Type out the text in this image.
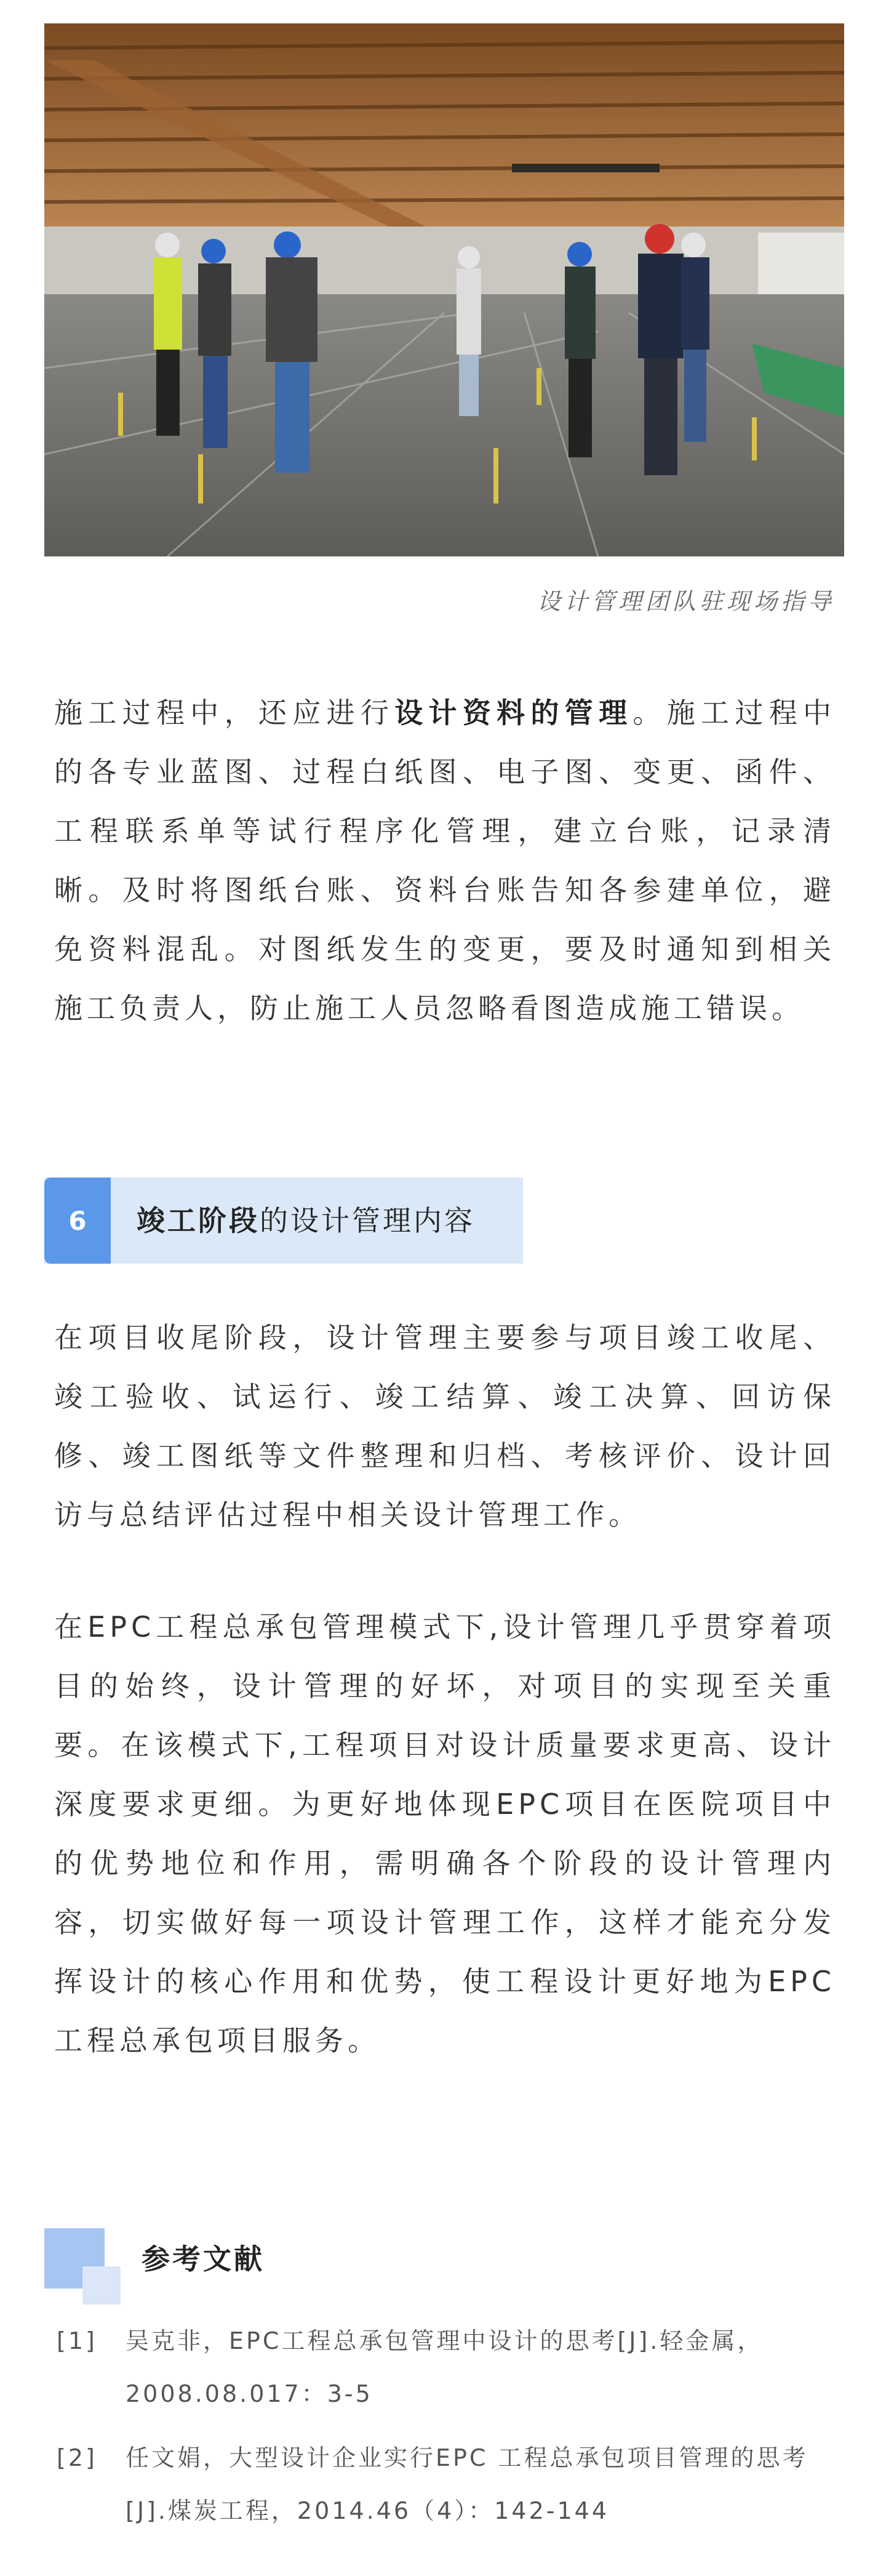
设计管理团队驻现场指导

施工过程中，还应进行设计资料的管理。施工过程中的各专业蓝图、过程白纸图、电子图、变更、函件、工程联系单等试行程序化管理，建立台账，记录清晰。及时将图纸台账、资料台账告知各参建单位，避免资料混乱。对图纸发生的变更，要及时通知到相关施工负责人，防止施工人员忽略看图造成施工错误。

6	竣工阶段的设计管理内容

在项目收尾阶段，设计管理主要参与项目竣工收尾、竣工验收、试运行、竣工结算、竣工决算、回访保修、竣工图纸等文件整理和归档、考核评价、设计回访与总结评估过程中相关设计管理工作。

在EPC工程总承包管理模式下,设计管理几乎贯穿着项目的始终，设计管理的好坏，对项目的实现至关重要。在该模式下,工程项目对设计质量要求更高、设计深度要求更细。为更好地体现EPC项目在医院项目中的优势地位和作用，需明确各个阶段的设计管理内容，切实做好每一项设计管理工作，这样才能充分发挥设计的核心作用和优势，使工程设计更好地为EPC工程总承包项目服务。

参考文献
[1] 吴克非，EPC工程总承包管理中设计的思考[J].轻金属，2008.08.017：3-5
[2] 任文娟，大型设计企业实行EPC 工程总承包项目管理的思考[J].煤炭工程，2014.46（4）：142-144
